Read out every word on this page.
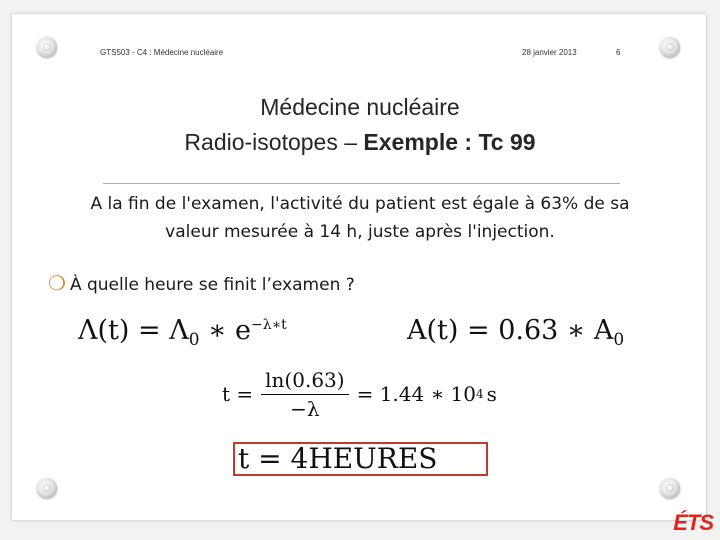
GTS503 - C4 : Médecine nucléaire	28 janvier 2013	6
Médecine nucléaire
Radio-isotopes – Exemple : Tc 99
A la fin de l'examen, l'activité du patient est égale à 63% de sa
valeur mesurée à 14 h, juste après l'injection.
❍ À quelle heure se finit l’examen ?
$\Lambda(t) = \Lambda_0$ ∗ $e^{-\lambda∗t}$	A(t) = 0.63 ∗ $A_0$
$t = \frac{\ln(0.63)}{-\lambda} = 1.44$ ∗ 10 4 s
t = 4HEURES
ÉTS
